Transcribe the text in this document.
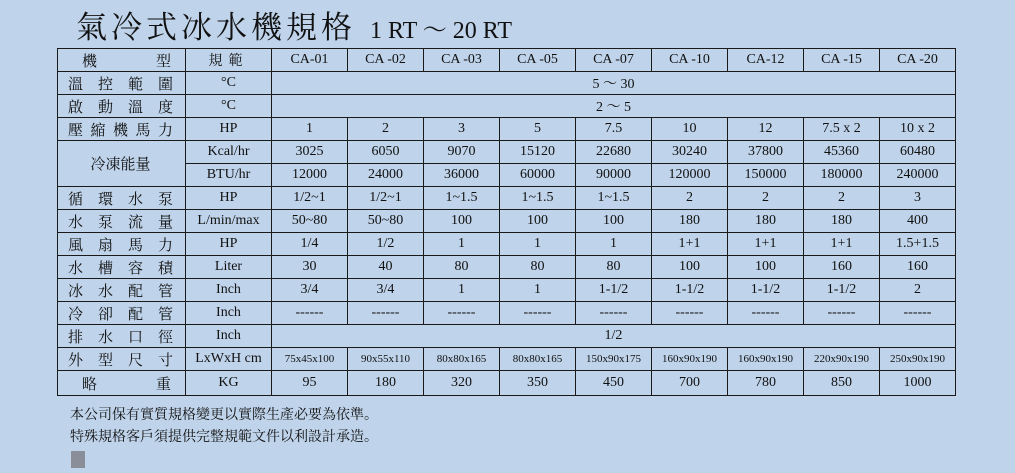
氣冷式冰水機規格 1 RT ～ 20 RT
機型	規範	CA-01	CA -02	CA -03	CA -05	CA -07	CA -10	CA-12	CA -15	CA -20
溫控範圍	°C	5 ～ 30								
啟動溫度	°C	2 ～ 5								
壓縮機馬力	HP	1	2	3	5	7.5	10	12	7.5 x 2	10 x 2
冷凍能量	Kcal/hr	3025	6050	9070	15120	22680	30240	37800	45360	60480
	BTU/hr	12000	24000	36000	60000	90000	120000	150000	180000	240000
循環水泵	HP	1/2~1	1/2~1	1~1.5	1~1.5	1~1.5	2	2	2	3
水泵流量	L/min/max	50~80	50~80	100	100	100	180	180	180	400
風扇馬力	HP	1/4	1/2	1	1	1	1+1	1+1	1+1	1.5+1.5
水槽容積	Liter	30	40	80	80	80	100	100	160	160
冰水配管	Inch	3/4	3/4	1	1	1-1/2	1-1/2	1-1/2	1-1/2	2
冷卻配管	Inch	------	------	------	------	------	------	------	------	------
排水口徑	Inch	1/2								
外型尺寸	LxWxH cm	75x45x100	90x55x110	80x80x165	80x80x165	150x90x175	160x90x190	160x90x190	220x90x190	250x90x190
略重	KG	95	180	320	350	450	700	780	850	1000
本公司保有實質規格變更以實際生產必要為依準。
特殊規格客戶須提供完整規範文件以利設計承造。
